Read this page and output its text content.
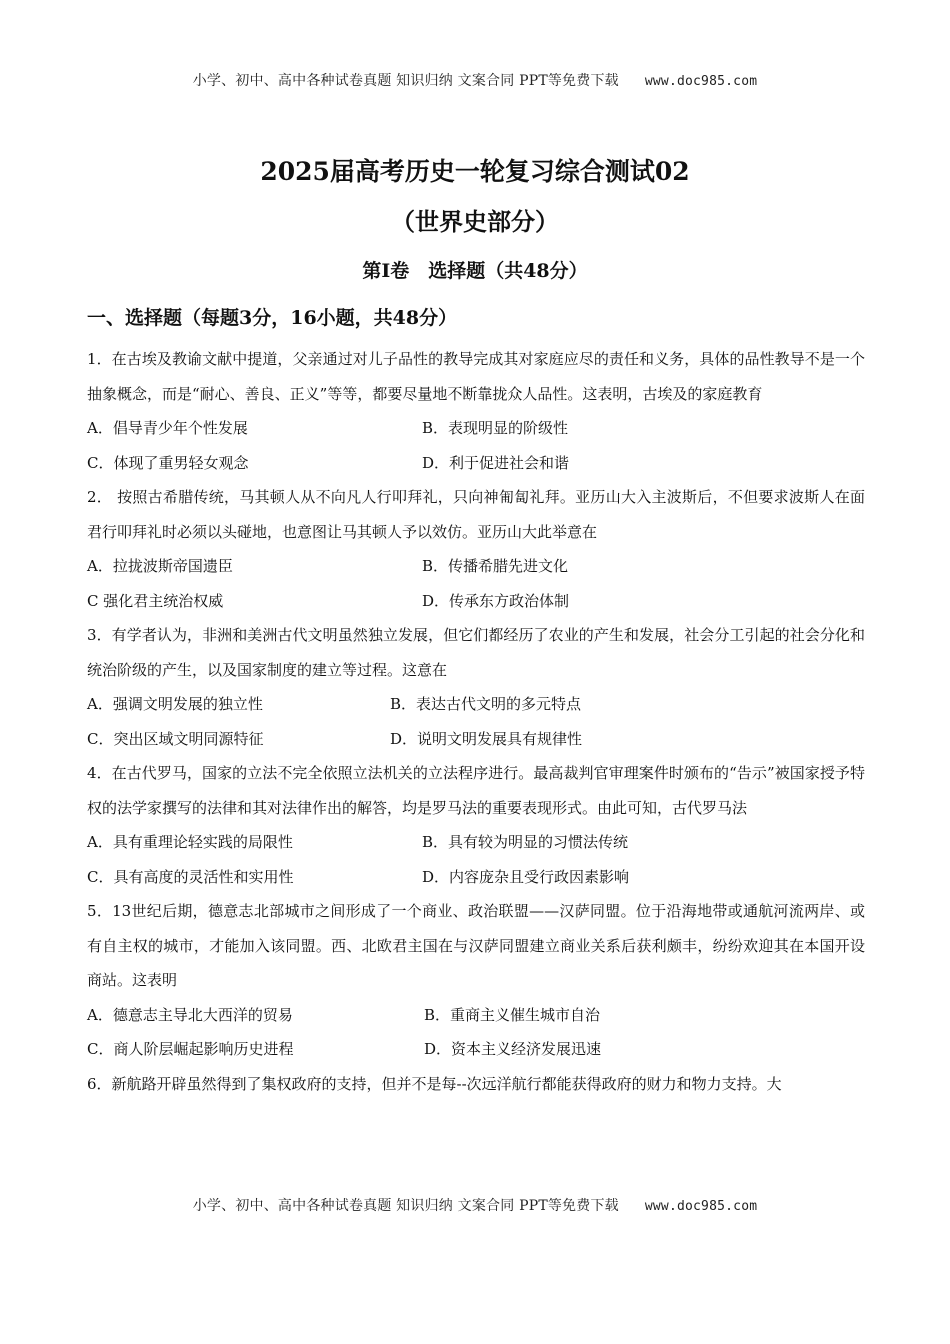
小学、初中、高中各种试卷真题 知识归纳 文案合同 PPT等免费下载 www.doc985.com
2025届高考历史一轮复习综合测试02
（世界史部分）
第Ⅰ卷　选择题（共48分）
一、选择题（每题3分，16小题，共48分）
1．在古埃及教谕文献中提道，父亲通过对儿子品性的教导完成其对家庭应尽的责任和义务，具体的品性教导不是一个抽象概念，而是“耐心、善良、正义”等等，都要尽量地不断靠拢众人品性。这表明，古埃及的家庭教育
A．倡导青少年个性发展	B．表现明显的阶级性
C．体现了重男轻女观念	D．利于促进社会和谐
2． 按照古希腊传统，马其顿人从不向凡人行叩拜礼，只向神匍匐礼拜。亚历山大入主波斯后，不但要求波斯人在面君行叩拜礼时必须以头碰地，也意图让马其顿人予以效仿。亚历山大此举意在
A．拉拢波斯帝国遗臣	B．传播希腊先进文化
C 强化君主统治权威	D．传承东方政治体制
3．有学者认为，非洲和美洲古代文明虽然独立发展，但它们都经历了农业的产生和发展，社会分工引起的社会分化和统治阶级的产生，以及国家制度的建立等过程。这意在
A．强调文明发展的独立性	B．表达古代文明的多元特点
C．突出区域文明同源特征	D．说明文明发展具有规律性
4．在古代罗马，国家的立法不完全依照立法机关的立法程序进行。最高裁判官审理案件时颁布的“告示”被国家授予特权的法学家撰写的法律和其对法律作出的解答，均是罗马法的重要表现形式。由此可知，古代罗马法
A．具有重理论轻实践的局限性	B．具有较为明显的习惯法传统
C．具有高度的灵活性和实用性	D．内容庞杂且受行政因素影响
5．13世纪后期，德意志北部城市之间形成了一个商业、政治联盟——汉萨同盟。位于沿海地带或通航河流两岸、或有自主权的城市，才能加入该同盟。西、北欧君主国在与汉萨同盟建立商业关系后获利颇丰，纷纷欢迎其在本国开设商站。这表明
A．德意志主导北大西洋的贸易	B．重商主义催生城市自治
C．商人阶层崛起影响历史进程	D．资本主义经济发展迅速
6．新航路开辟虽然得到了集权政府的支持，但并不是每--次远洋航行都能获得政府的财力和物力支持。大
小学、初中、高中各种试卷真题 知识归纳 文案合同 PPT等免费下载 www.doc985.com
